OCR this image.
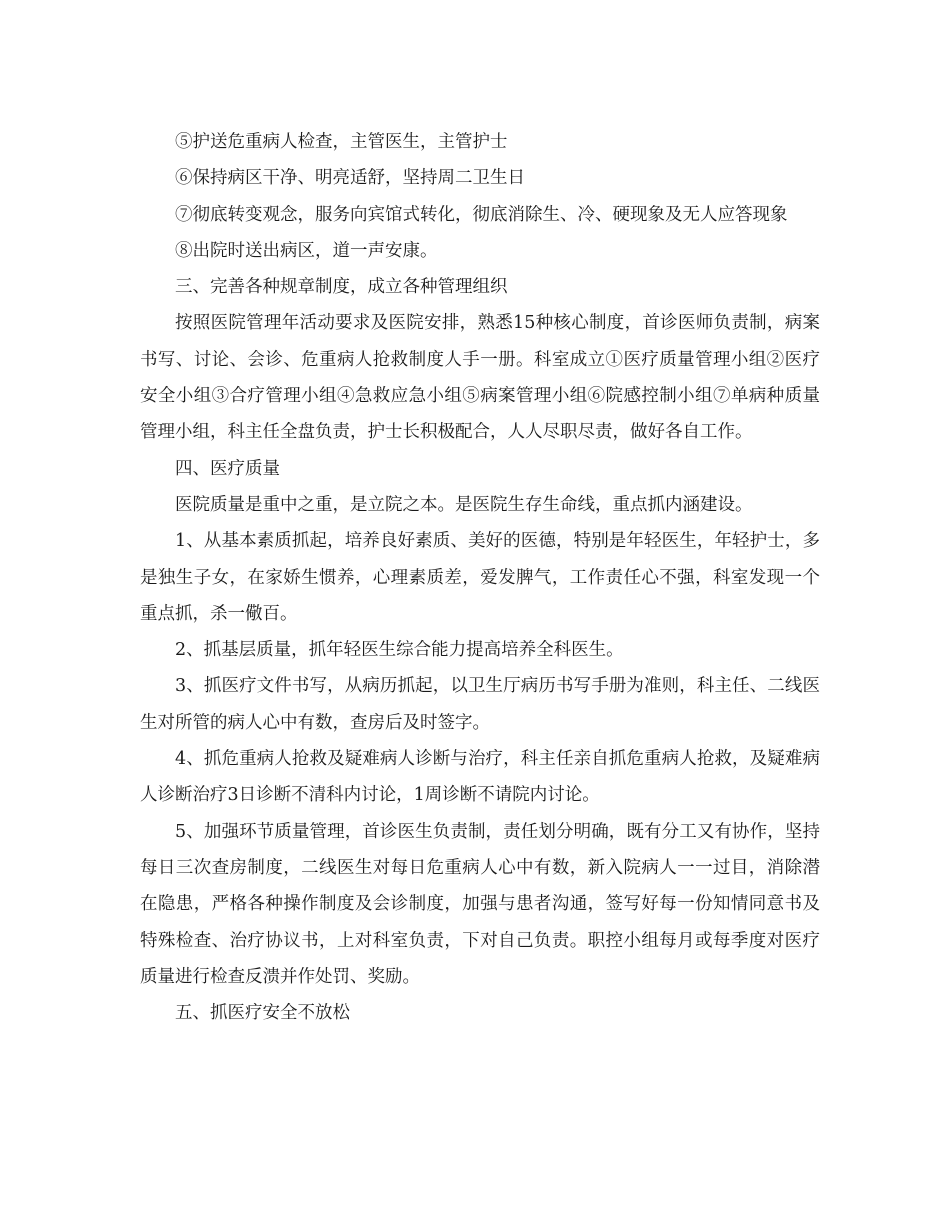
⑤护送危重病人检查，主管医生，主管护士

⑥保持病区干净、明亮适舒，坚持周二卫生日

⑦彻底转变观念，服务向宾馆式转化，彻底消除生、冷、硬现象及无人应答现象

⑧出院时送出病区，道一声安康。

三、完善各种规章制度，成立各种管理组织

按照医院管理年活动要求及医院安排，熟悉15种核心制度，首诊医师负责制，病案书写、讨论、会诊、危重病人抢救制度人手一册。科室成立①医疗质量管理小组②医疗安全小组③合疗管理小组④急救应急小组⑤病案管理小组⑥院感控制小组⑦单病种质量管理小组，科主任全盘负责，护士长积极配合，人人尽职尽责，做好各自工作。

四、医疗质量

医院质量是重中之重，是立院之本。是医院生存生命线，重点抓内涵建设。

1、从基本素质抓起，培养良好素质、美好的医德，特别是年轻医生，年轻护士，多是独生子女，在家娇生惯养，心理素质差，爱发脾气，工作责任心不强，科室发现一个重点抓，杀一儆百。

2、抓基层质量，抓年轻医生综合能力提高培养全科医生。

3、抓医疗文件书写，从病历抓起，以卫生厅病历书写手册为准则，科主任、二线医生对所管的病人心中有数，查房后及时签字。

4、抓危重病人抢救及疑难病人诊断与治疗，科主任亲自抓危重病人抢救，及疑难病人诊断治疗3日诊断不清科内讨论，1周诊断不请院内讨论。

5、加强环节质量管理，首诊医生负责制，责任划分明确，既有分工又有协作，坚持每日三次查房制度，二线医生对每日危重病人心中有数，新入院病人一一过目，消除潜在隐患，严格各种操作制度及会诊制度，加强与患者沟通，签写好每一份知情同意书及特殊检查、治疗协议书，上对科室负责，下对自己负责。职控小组每月或每季度对医疗质量进行检查反溃并作处罚、奖励。

五、抓医疗安全不放松
